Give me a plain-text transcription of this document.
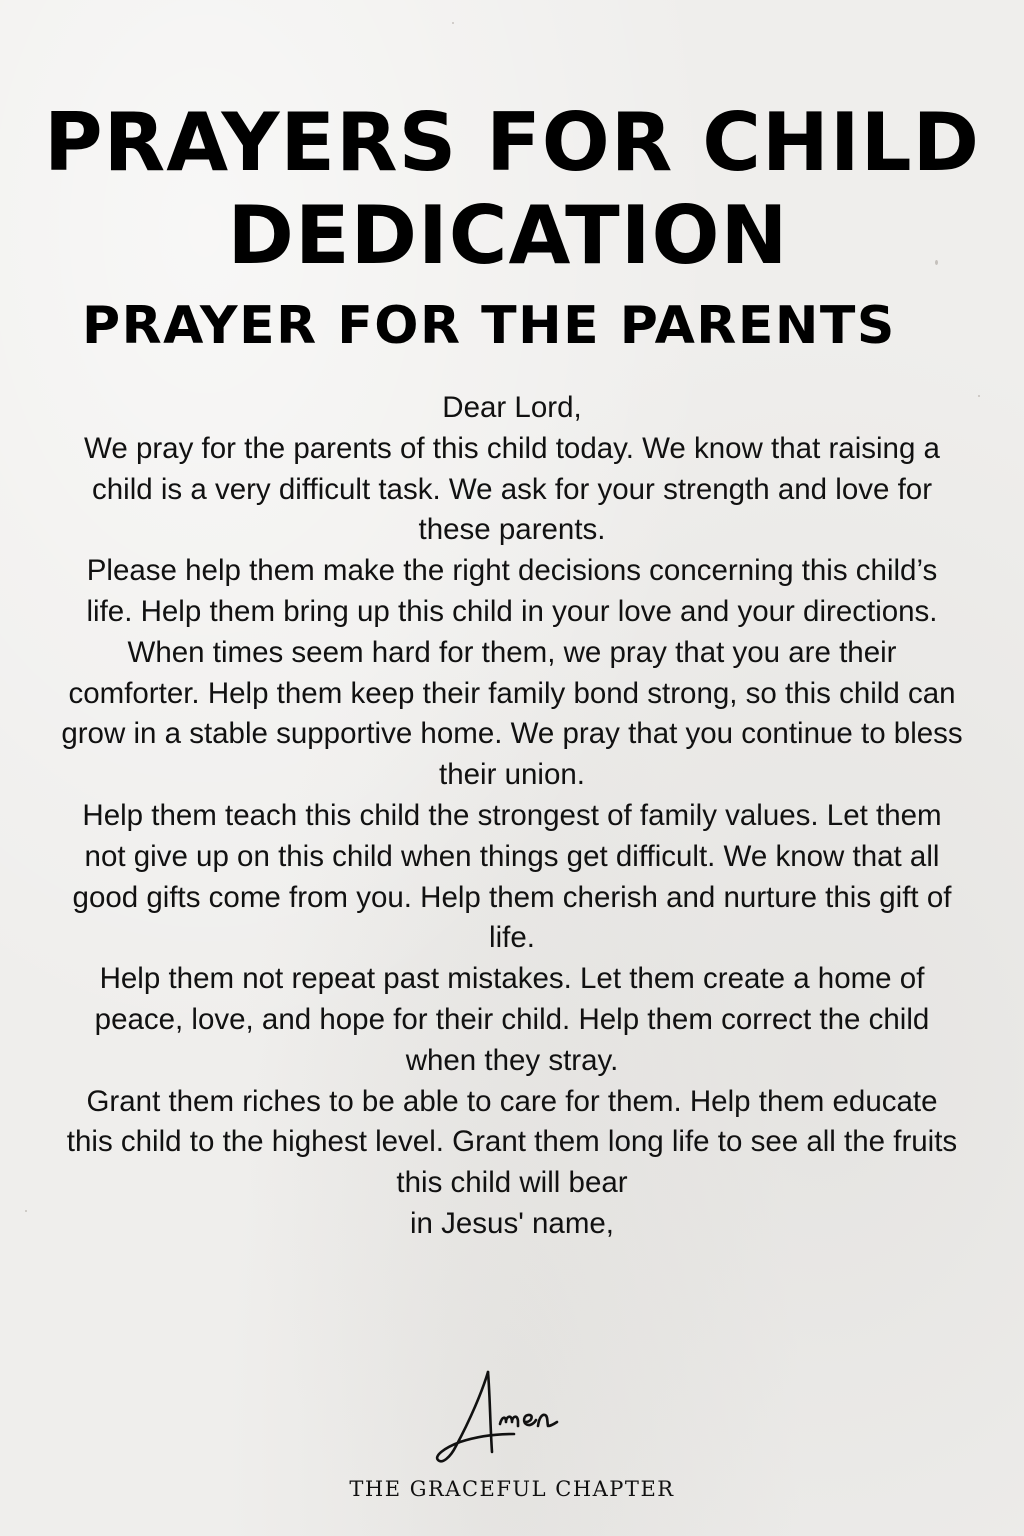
PRAYERS FOR CHILD
DEDICATION
PRAYER FOR THE PARENTS

Dear Lord,

We pray for the parents of this child today. We know that raising a child is a very difficult task. We ask for your strength and love for these parents.

Please help them make the right decisions concerning this child’s life. Help them bring up this child in your love and your directions.

When times seem hard for them, we pray that you are their comforter. Help them keep their family bond strong, so this child can grow in a stable supportive home. We pray that you continue to bless their union.

Help them teach this child the strongest of family values. Let them not give up on this child when things get difficult. We know that all good gifts come from you. Help them cherish and nurture this gift of life.

Help them not repeat past mistakes. Let them create a home of peace, love, and hope for their child. Help them correct the child when they stray.

Grant them riches to be able to care for them. Help them educate this child to the highest level. Grant them long life to see all the fruits this child will bear

in Jesus' name,

THE GRACEFUL CHAPTER
